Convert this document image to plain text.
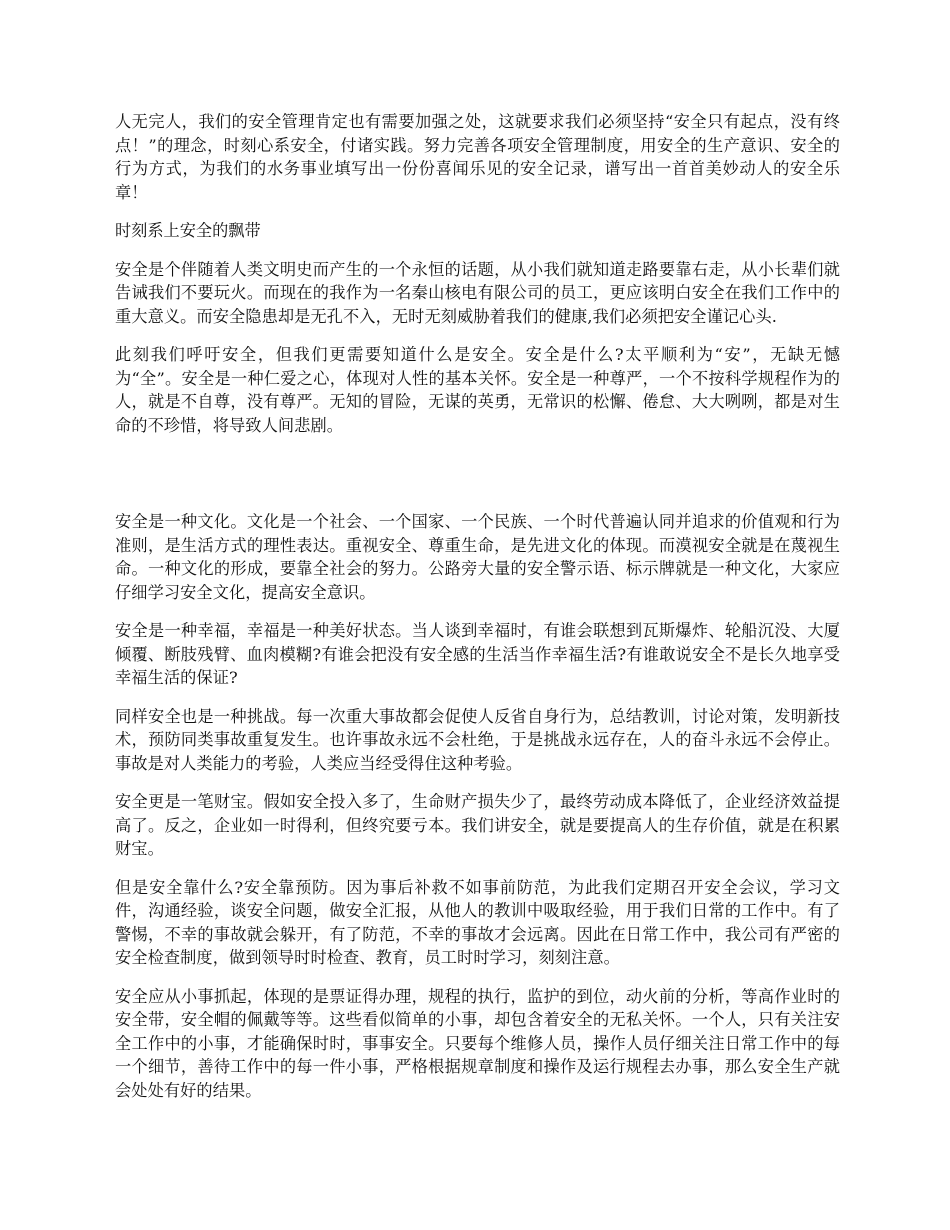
人无完人，我们的安全管理肯定也有需要加强之处，这就要求我们必须坚持“安全只有起点，没有终点！”的理念，时刻心系安全，付诸实践。努力完善各项安全管理制度，用安全的生产意识、安全的行为方式，为我们的水务事业填写出一份份喜闻乐见的安全记录，谱写出一首首美妙动人的安全乐章！

时刻系上安全的飘带

安全是个伴随着人类文明史而产生的一个永恒的话题，从小我们就知道走路要靠右走，从小长辈们就告诫我们不要玩火。而现在的我作为一名秦山核电有限公司的员工，更应该明白安全在我们工作中的重大意义。而安全隐患却是无孔不入，无时无刻威胁着我们的健康,我们必须把安全谨记心头.

此刻我们呼吁安全，但我们更需要知道什么是安全。安全是什么?太平顺利为“安”，无缺无憾为“全”。安全是一种仁爱之心，体现对人性的基本关怀。安全是一种尊严，一个不按科学规程作为的人，就是不自尊，没有尊严。无知的冒险，无谋的英勇，无常识的松懈、倦怠、大大咧咧，都是对生命的不珍惜，将导致人间悲剧。

安全是一种文化。文化是一个社会、一个国家、一个民族、一个时代普遍认同并追求的价值观和行为准则，是生活方式的理性表达。重视安全、尊重生命，是先进文化的体现。而漠视安全就是在蔑视生命。一种文化的形成，要靠全社会的努力。公路旁大量的安全警示语、标示牌就是一种文化，大家应仔细学习安全文化，提高安全意识。

安全是一种幸福，幸福是一种美好状态。当人谈到幸福时，有谁会联想到瓦斯爆炸、轮船沉没、大厦倾覆、断肢残臂、血肉模糊?有谁会把没有安全感的生活当作幸福生活?有谁敢说安全不是长久地享受幸福生活的保证?

同样安全也是一种挑战。每一次重大事故都会促使人反省自身行为，总结教训，讨论对策，发明新技术，预防同类事故重复发生。也许事故永远不会杜绝，于是挑战永远存在，人的奋斗永远不会停止。事故是对人类能力的考验，人类应当经受得住这种考验。

安全更是一笔财宝。假如安全投入多了，生命财产损失少了，最终劳动成本降低了，企业经济效益提高了。反之，企业如一时得利，但终究要亏本。我们讲安全，就是要提高人的生存价值，就是在积累财宝。

但是安全靠什么?安全靠预防。因为事后补救不如事前防范，为此我们定期召开安全会议，学习文件，沟通经验，谈安全问题，做安全汇报，从他人的教训中吸取经验，用于我们日常的工作中。有了警惕，不幸的事故就会躲开，有了防范，不幸的事故才会远离。因此在日常工作中，我公司有严密的安全检查制度，做到领导时时检查、教育，员工时时学习，刻刻注意。

安全应从小事抓起，体现的是票证得办理，规程的执行，监护的到位，动火前的分析，等高作业时的安全带，安全帽的佩戴等等。这些看似简单的小事，却包含着安全的无私关怀。一个人，只有关注安全工作中的小事，才能确保时时，事事安全。只要每个维修人员，操作人员仔细关注日常工作中的每一个细节，善待工作中的每一件小事，严格根据规章制度和操作及运行规程去办事，那么安全生产就会处处有好的结果。
